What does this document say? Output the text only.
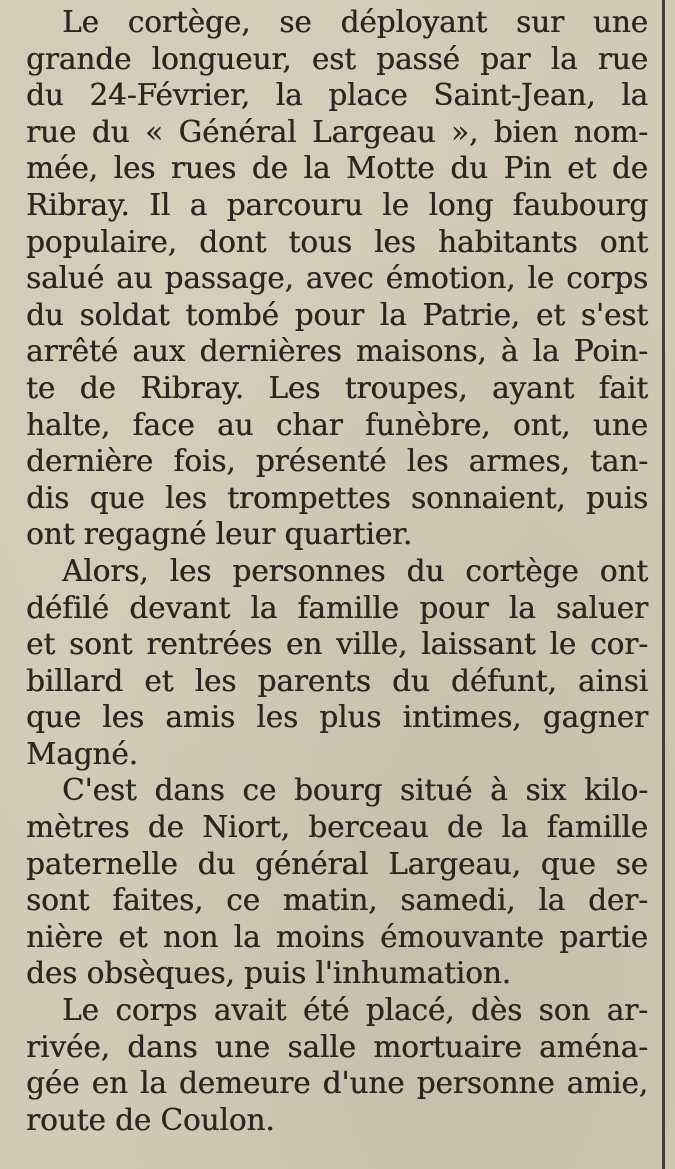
Le cortège, se déployant sur une
grande longueur, est passé par la rue
du 24-Février, la place Saint-Jean, la
rue du « Général Largeau », bien nom-
mée, les rues de la Motte du Pin et de
Ribray. Il a parcouru le long faubourg
populaire, dont tous les habitants ont
salué au passage, avec émotion, le corps
du soldat tombé pour la Patrie, et s'est
arrêté aux dernières maisons, à la Poin-
te de Ribray. Les troupes, ayant fait
halte, face au char funèbre, ont, une
dernière fois, présenté les armes, tan-
dis que les trompettes sonnaient, puis
ont regagné leur quartier.
Alors, les personnes du cortège ont
défilé devant la famille pour la saluer
et sont rentrées en ville, laissant le cor-
billard et les parents du défunt, ainsi
que les amis les plus intimes, gagner
Magné.
C'est dans ce bourg situé à six kilo-
mètres de Niort, berceau de la famille
paternelle du général Largeau, que se
sont faites, ce matin, samedi, la der-
nière et non la moins émouvante partie
des obsèques, puis l'inhumation.
Le corps avait été placé, dès son ar-
rivée, dans une salle mortuaire aména-
gée en la demeure d'une personne amie,
route de Coulon.
